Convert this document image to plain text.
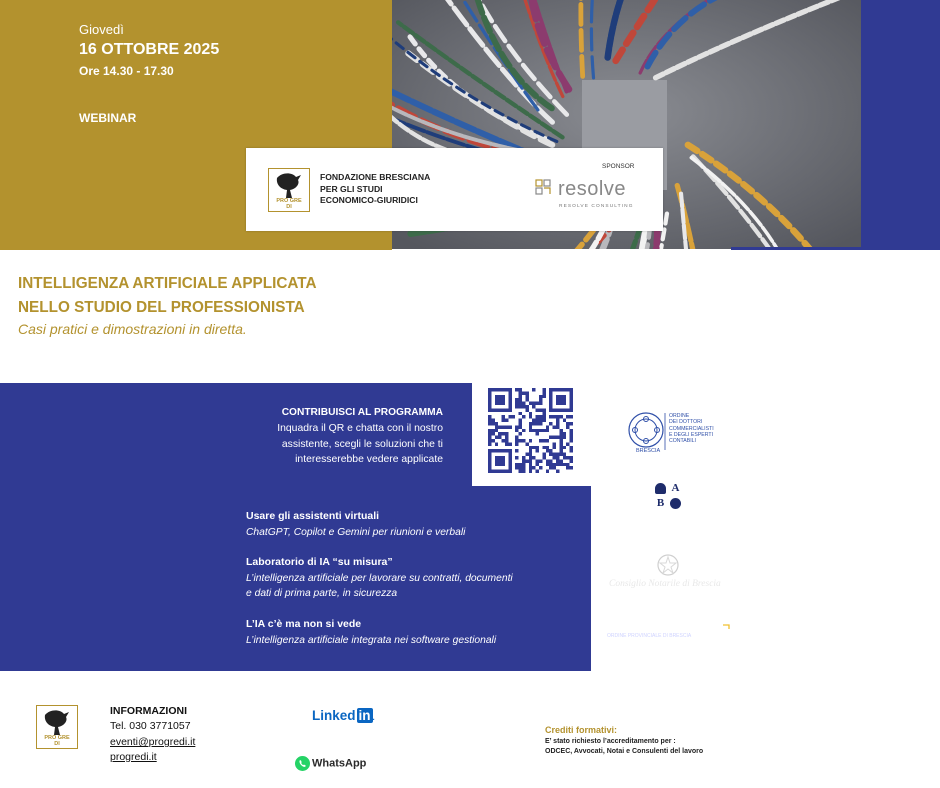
Giovedì
16 OTTOBRE 2025
Ore 14.30 - 17.30
WEBINAR
PRO GRE
DI
FONDAZIONE BRESCIANA
PER GLI STUDI
ECONOMICO-GIURIDICI
SPONSOR
resolve
RESOLVE CONSULTING
INTELLIGENZA ARTIFICIALE APPLICATA
NELLO STUDIO DEL PROFESSIONISTA
Casi pratici e dimostrazioni in diretta.
CONTRIBUISCI AL PROGRAMMA
Inquadra il QR e chatta con il nostro
assistente, scegli le soluzioni che ti
interesserebbe vedere applicate
Usare gli assistenti virtuali
ChatGPT, Copilot e Gemini per riunioni e verbali
Laboratorio di IA “su misura”
L’intelligenza artificiale per lavorare su contratti, documenti
e dati di prima parte, in sicurezza
L’IA c’è ma non si vede
L’intelligenza artificiale integrata nei software gestionali
ORDINE
DEI DOTTORI
COMMERCIALISTI
E DEGLI ESPERTI
CONTABILI
BRESCIA
A
B
Ordine Avvocati Brescia
Consiglio Notarile di Brescia
Consulenti del Lavoro
ORDINE PROVINCIALE DI BRESCIA
PRO GRE
DI
INFORMAZIONI
Tel. 030 3771057
eventi@progredi.it
progredi.it
Linked in .
WhatsApp
Crediti formativi:
E’ stato richiesto l’accreditamento per :
ODCEC, Avvocati, Notai e Consulenti del lavoro
